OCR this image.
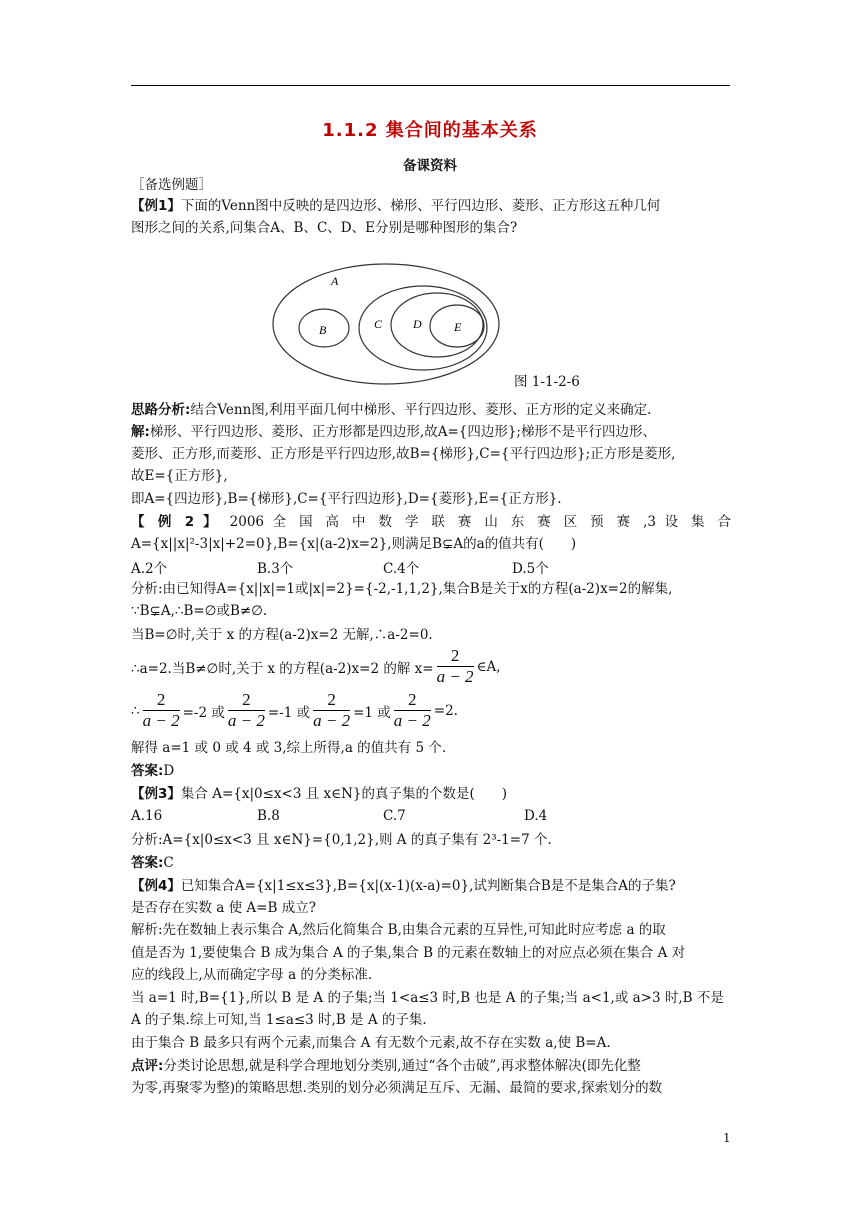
1.1.2 集合间的基本关系
备课资料
［备选例题］
【例1】下面的Venn图中反映的是四边形、梯形、平行四边形、菱形、正方形这五种几何
图形之间的关系,问集合A、B、C、D、E分别是哪种图形的集合?
A
B	C	D	E
图 1-1-2-6
思路分析:结合Venn图,利用平面几何中梯形、平行四边形、菱形、正方形的定义来确定.
解:梯形、平行四边形、菱形、正方形都是四边形,故A={四边形};梯形不是平行四边形、
菱形、正方形,而菱形、正方形是平行四边形,故B={梯形},C={平行四边形};正方形是菱形,
故E={正方形},
即A={四边形},B={梯形},C={平行四边形},D={菱形},E={正方形}.
【 例 2 】 2006 全 国 高 中 数 学 联 赛 山 东 赛 区 预 赛 ,3 设 集 合
A={x||x|²-3|x|+2=0},B={x|(a-2)x=2},则满足B⊊A的a的值共有(　　)
A.2个	B.3个	C.4个	D.5个
分析:由已知得A={x||x|=1或|x|=2}={-2,-1,1,2},集合B是关于x的方程(a-2)x=2的解集,
∵B⊊A,∴B=∅或B≠∅.
当B=∅时,关于 x 的方程(a-2)x=2 无解,∴a-2=0.
∴a=2.当B≠∅时,关于 x 的方程(a-2)x=2 的解 $x= \frac{2}{a - 2}$ ∈A,
∴ $\frac{2}{a - 2} =-2$ 或 $\frac{2}{a - 2} =-1$ 或 $\frac{2}{a - 2} =1$ 或 $\frac{2}{a - 2} =2$.
解得 a=1 或 0 或 4 或 3,综上所得,a 的值共有 5 个.
答案:D
【例3】集合 A={x|0≤x<3 且 x∈N}的真子集的个数是(　　)
A.16	B.8	C.7	D.4
分析:A={x|0≤x<3 且 x∈N}={0,1,2},则 A 的真子集有 2³-1=7 个.
答案:C
【例4】已知集合A={x|1≤x≤3},B={x|(x-1)(x-a)=0},试判断集合B是不是集合A的子集?
是否存在实数 a 使 A=B 成立?
解析:先在数轴上表示集合 A,然后化简集合 B,由集合元素的互异性,可知此时应考虑 a 的取
值是否为 1,要使集合 B 成为集合 A 的子集,集合 B 的元素在数轴上的对应点必须在集合 A 对
应的线段上,从而确定字母 a 的分类标准.
当 a=1 时,B={1},所以 B 是 A 的子集;当 1<a≤3 时,B 也是 A 的子集;当 a<1,或 a>3 时,B 不是
A 的子集.综上可知,当 1≤a≤3 时,B 是 A 的子集.
由于集合 B 最多只有两个元素,而集合 A 有无数个元素,故不存在实数 a,使 B=A.
点评:分类讨论思想,就是科学合理地划分类别,通过“各个击破”,再求整体解决(即先化整
为零,再聚零为整)的策略思想.类别的划分必须满足互斥、无漏、最简的要求,探索划分的数
1
